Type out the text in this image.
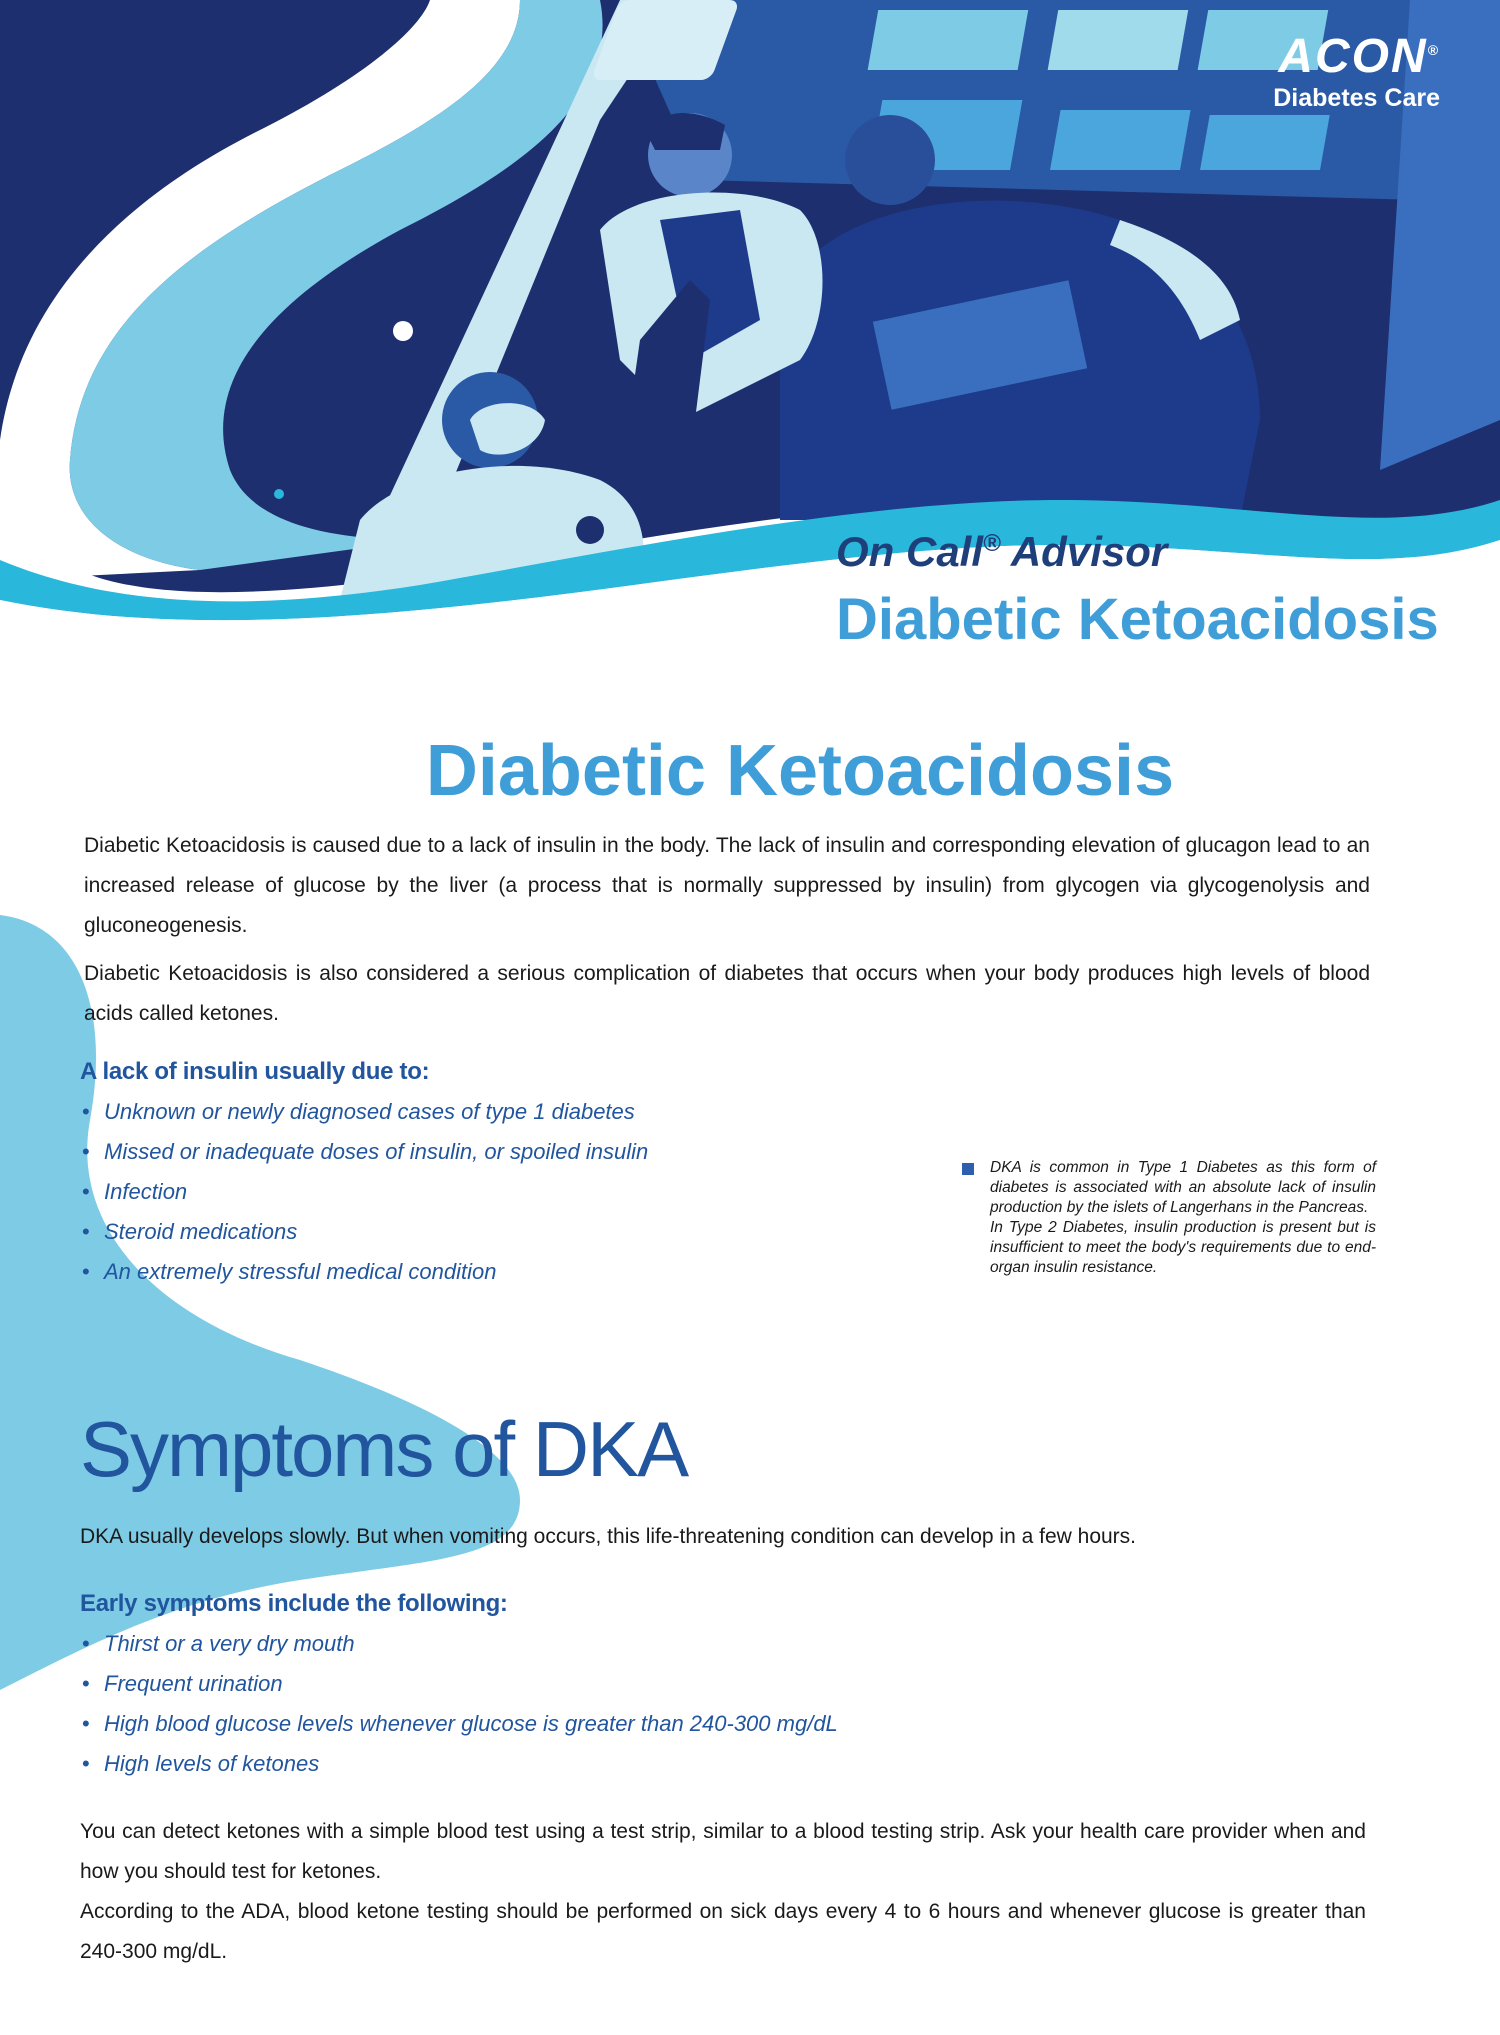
ACON®
Diabetes Care
On Call® Advisor
Diabetic Ketoacidosis
Diabetic Ketoacidosis
Diabetic Ketoacidosis is caused due to a lack of insulin in the body. The lack of insulin and corresponding elevation of glucagon lead to an increased release of glucose by the liver (a process that is normally suppressed by insulin) from glycogen via glycogenolysis and gluconeogenesis.
Diabetic Ketoacidosis is also considered a serious complication of diabetes that occurs when your body produces high levels of blood acids called ketones.
A lack of insulin usually due to:
• Unknown or newly diagnosed cases of type 1 diabetes
• Missed or inadequate doses of insulin, or spoiled insulin
• Infection
• Steroid medications
• An extremely stressful medical condition
DKA is common in Type 1 Diabetes as this form of diabetes is associated with an absolute lack of insulin production by the islets of Langerhans in the Pancreas.
In Type 2 Diabetes, insulin production is present but is insufficient to meet the body's requirements due to end-organ insulin resistance.
Symptoms of DKA
DKA usually develops slowly. But when vomiting occurs, this life-threatening condition can develop in a few hours.
Early symptoms include the following:
• Thirst or a very dry mouth
• Frequent urination
• High blood glucose levels whenever glucose is greater than 240-300 mg/dL
• High levels of ketones
You can detect ketones with a simple blood test using a test strip, similar to a blood testing strip. Ask your health care provider when and how you should test for ketones.
According to the ADA, blood ketone testing should be performed on sick days every 4 to 6 hours and whenever glucose is greater than 240-300 mg/dL.
